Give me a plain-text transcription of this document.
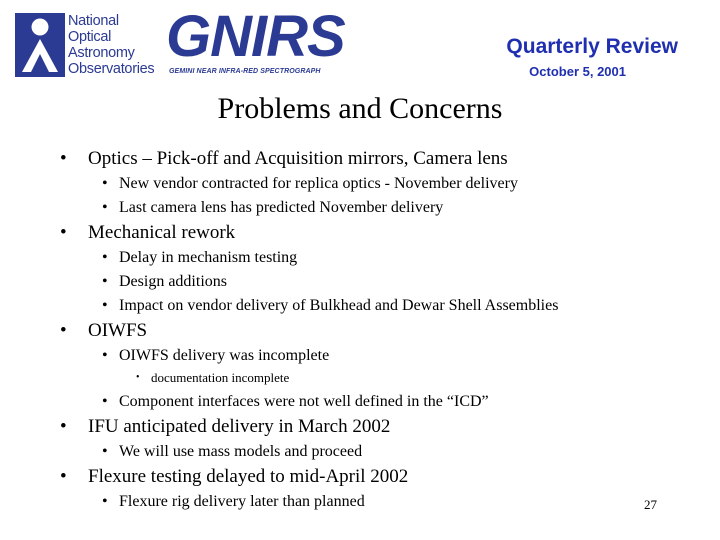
National
Optical
Astronomy
Observatories GNIRS
GEMINI NEAR INFRA-RED SPECTROGRAPH
Quarterly Review
October 5, 2001
Problems and Concerns
• Optics – Pick-off and Acquisition mirrors, Camera lens
• New vendor contracted for replica optics - November delivery
• Last camera lens has predicted November delivery
• Mechanical rework
• Delay in mechanism testing
• Design additions
• Impact on vendor delivery of Bulkhead and Dewar Shell Assemblies
• OIWFS
• OIWFS delivery was incomplete
• documentation incomplete
• Component interfaces were not well defined in the “ICD”
• IFU anticipated delivery in March 2002
• We will use mass models and proceed
• Flexure testing delayed to mid-April 2002
• Flexure rig delivery later than planned	27
